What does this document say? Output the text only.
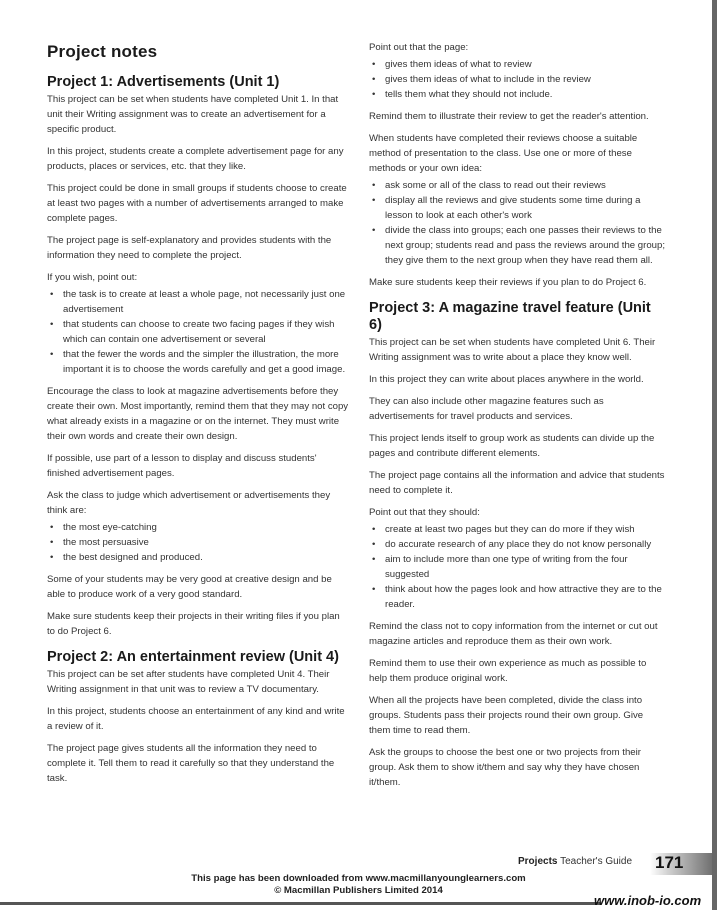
Project notes
Project 1: Advertisements (Unit 1)

This project can be set when students have completed Unit 1. In that unit their Writing assignment was to create an advertisement for a specific product.

In this project, students create a complete advertisement page for any products, places or services, etc. that they like.

This project could be done in small groups if students choose to create at least two pages with a number of advertisements arranged to make complete pages.

The project page is self-explanatory and provides students with the information they need to complete the project.

If you wish, point out:

• the task is to create at least a whole page, not necessarily just one advertisement
• that students can choose to create two facing pages if they wish which can contain one advertisement or several
• that the fewer the words and the simpler the illustration, the more important it is to choose the words carefully and get a good image.

Encourage the class to look at magazine advertisements before they create their own. Most importantly, remind them that they may not copy what already exists in a magazine or on the internet. They must write their own words and create their own design.

If possible, use part of a lesson to display and discuss students' finished advertisement pages.

Ask the class to judge which advertisement or advertisements they think are:

• the most eye-catching
• the most persuasive
• the best designed and produced.

Some of your students may be very good at creative design and be able to produce work of a very good standard.

Make sure students keep their projects in their writing files if you plan to do Project 6.

Project 2: An entertainment review (Unit 4)

This project can be set after students have completed Unit 4. Their Writing assignment in that unit was to review a TV documentary.

In this project, students choose an entertainment of any kind and write a review of it.

The project page gives students all the information they need to complete it. Tell them to read it carefully so that they understand the task.

Point out that the page:

• gives them ideas of what to review
• gives them ideas of what to include in the review
• tells them what they should not include.

Remind them to illustrate their review to get the reader's attention.

When students have completed their reviews choose a suitable method of presentation to the class. Use one or more of these methods or your own idea:

• ask some or all of the class to read out their reviews
• display all the reviews and give students some time during a lesson to look at each other's work
• divide the class into groups; each one passes their reviews to the next group; students read and pass the reviews around the group; they give them to the next group when they have read them all.

Make sure students keep their reviews if you plan to do Project 6.

Project 3: A magazine travel feature (Unit 6)

This project can be set when students have completed Unit 6. Their Writing assignment was to write about a place they know well.

In this project they can write about places anywhere in the world.

They can also include other magazine features such as advertisements for travel products and services.

This project lends itself to group work as students can divide up the pages and contribute different elements.

The project page contains all the information and advice that students need to complete it.

Point out that they should:

• create at least two pages but they can do more if they wish
• do accurate research of any place they do not know personally
• aim to include more than one type of writing from the four suggested
• think about how the pages look and how attractive they are to the reader.

Remind the class not to copy information from the internet or cut out magazine articles and reproduce them as their own work.

Remind them to use their own experience as much as possible to help them produce original work.

When all the projects have been completed, divide the class into groups. Students pass their projects round their own group. Give them time to read them.

Ask the groups to choose the best one or two projects from their group. Ask them to show it/them and say why they have chosen it/them.

Projects Teacher's Guide 171
This page has been downloaded from www.macmillanyounglearners.com
© Macmillan Publishers Limited 2014
www.inob-io.com
